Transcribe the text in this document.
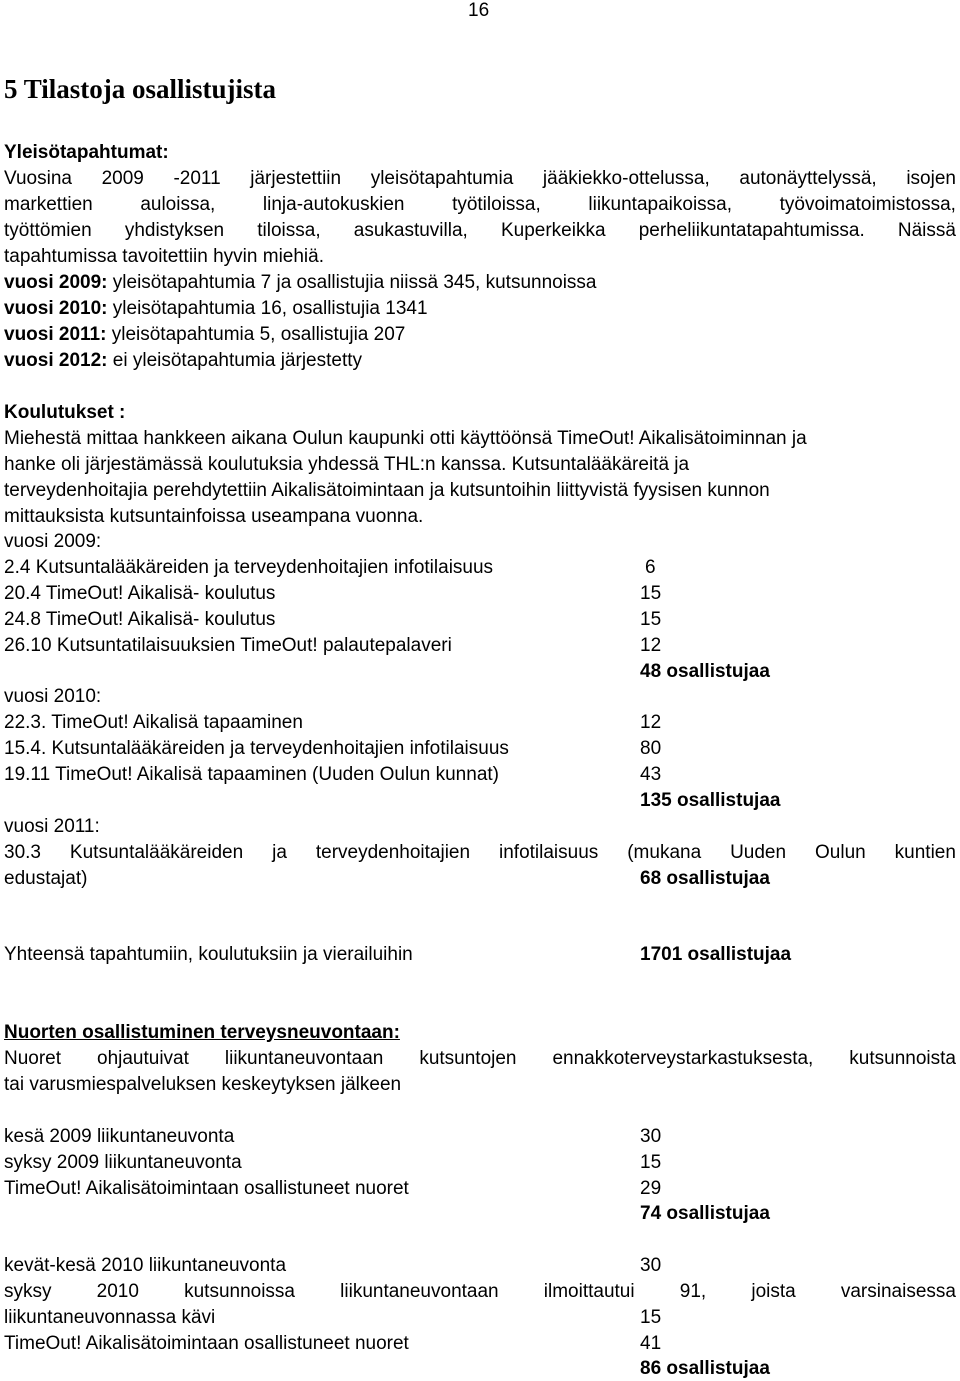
16
5 Tilastoja osallistujista
Yleisötapahtumat:
Vuosina 2009 -2011 järjestettiin yleisötapahtumia jääkiekko-ottelussa, autonäyttelyssä, isojen
markettien	auloissa,	linja-autokuskien	työtiloissa,	liikuntapaikoissa,	työvoimatoimistossa,
työttömien yhdistyksen tiloissa, asukastuvilla, Kuperkeikka perheliikuntatapahtumissa. Näissä
tapahtumissa tavoitettiin hyvin miehiä.
vuosi 2009: yleisötapahtumia 7 ja osallistujia niissä 345, kutsunnoissa
vuosi 2010: yleisötapahtumia 16, osallistujia 1341
vuosi 2011: yleisötapahtumia 5, osallistujia 207
vuosi 2012: ei yleisötapahtumia järjestetty
Koulutukset :
Miehestä mittaa hankkeen aikana Oulun kaupunki otti käyttöönsä TimeOut! Aikalisätoiminnan ja
hanke oli järjestämässä koulutuksia yhdessä THL:n kanssa. Kutsuntalääkäreitä ja
terveydenhoitajia perehdytettiin Aikalisätoimintaan ja kutsuntoihin liittyvistä fyysisen kunnon
mittauksista kutsuntainfoissa useampana vuonna.
vuosi 2009:
2.4 Kutsuntalääkäreiden ja terveydenhoitajien infotilaisuus	6
20.4 TimeOut! Aikalisä- koulutus	15
24.8 TimeOut! Aikalisä- koulutus	15
26.10 Kutsuntatilaisuuksien TimeOut! palautepalaveri	12
48 osallistujaa
vuosi 2010:
22.3. TimeOut! Aikalisä tapaaminen	12
15.4. Kutsuntalääkäreiden ja terveydenhoitajien infotilaisuus	80
19.11 TimeOut! Aikalisä tapaaminen (Uuden Oulun kunnat)	43
135 osallistujaa
vuosi 2011:
30.3 Kutsuntalääkäreiden ja terveydenhoitajien infotilaisuus (mukana Uuden Oulun kuntien
edustajat)	68 osallistujaa
Yhteensä tapahtumiin, koulutuksiin ja vierailuihin	1701 osallistujaa
Nuorten osallistuminen terveysneuvontaan:
Nuoret ohjautuivat liikuntaneuvontaan kutsuntojen ennakkoterveystarkastuksesta, kutsunnoista
tai varusmiespalveluksen keskeytyksen jälkeen
kesä 2009 liikuntaneuvonta	30
syksy 2009 liikuntaneuvonta	15
TimeOut! Aikalisätoimintaan osallistuneet nuoret	29
74 osallistujaa
kevät-kesä 2010 liikuntaneuvonta	30
syksy 2010 kutsunnoissa liikuntaneuvontaan ilmoittautui 91, joista varsinaisessa
liikuntaneuvonnassa kävi	15
TimeOut! Aikalisätoimintaan osallistuneet nuoret	41
86 osallistujaa
